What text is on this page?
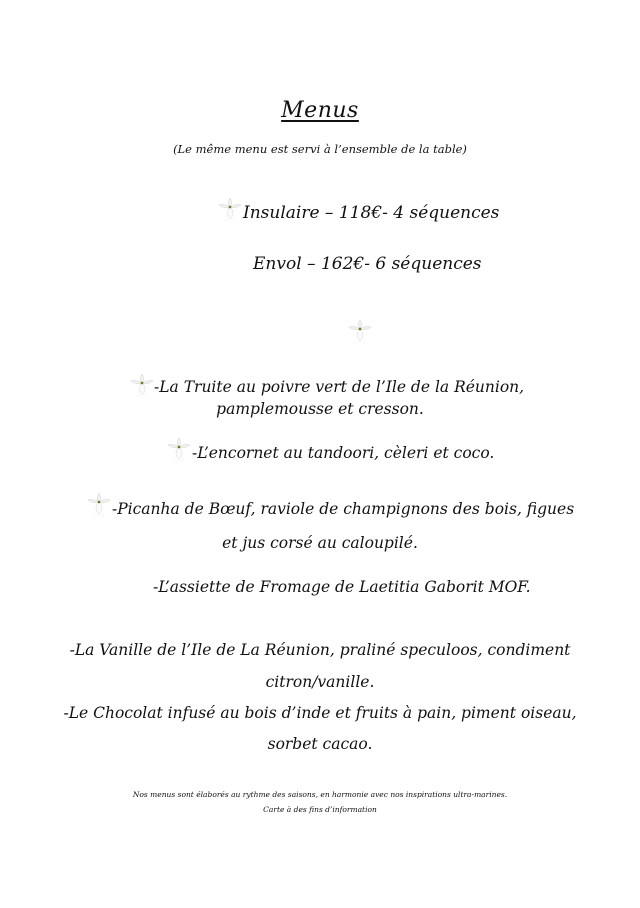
Menus
(Le même menu est servi à l’ensemble de la table)
Insulaire – 118€- 4 séquences
Envol – 162€- 6 séquences
-La Truite au poivre vert de l’Ile de la Réunion,
pamplemousse et cresson.
-L’encornet au tandoori, cèleri et coco.
-Picanha de Bœuf, raviole de champignons des bois, figues
et jus corsé au caloupilé.
-L’assiette de Fromage de Laetitia Gaborit MOF.
-La Vanille de l’Ile de La Réunion, praliné speculoos, condiment
citron/vanille.
-Le Chocolat infusé au bois d’inde et fruits à pain, piment oiseau,
sorbet cacao.
Nos menus sont élaborés au rythme des saisons, en harmonie avec nos inspirations ultra-marines.
Carte à des fins d’information
